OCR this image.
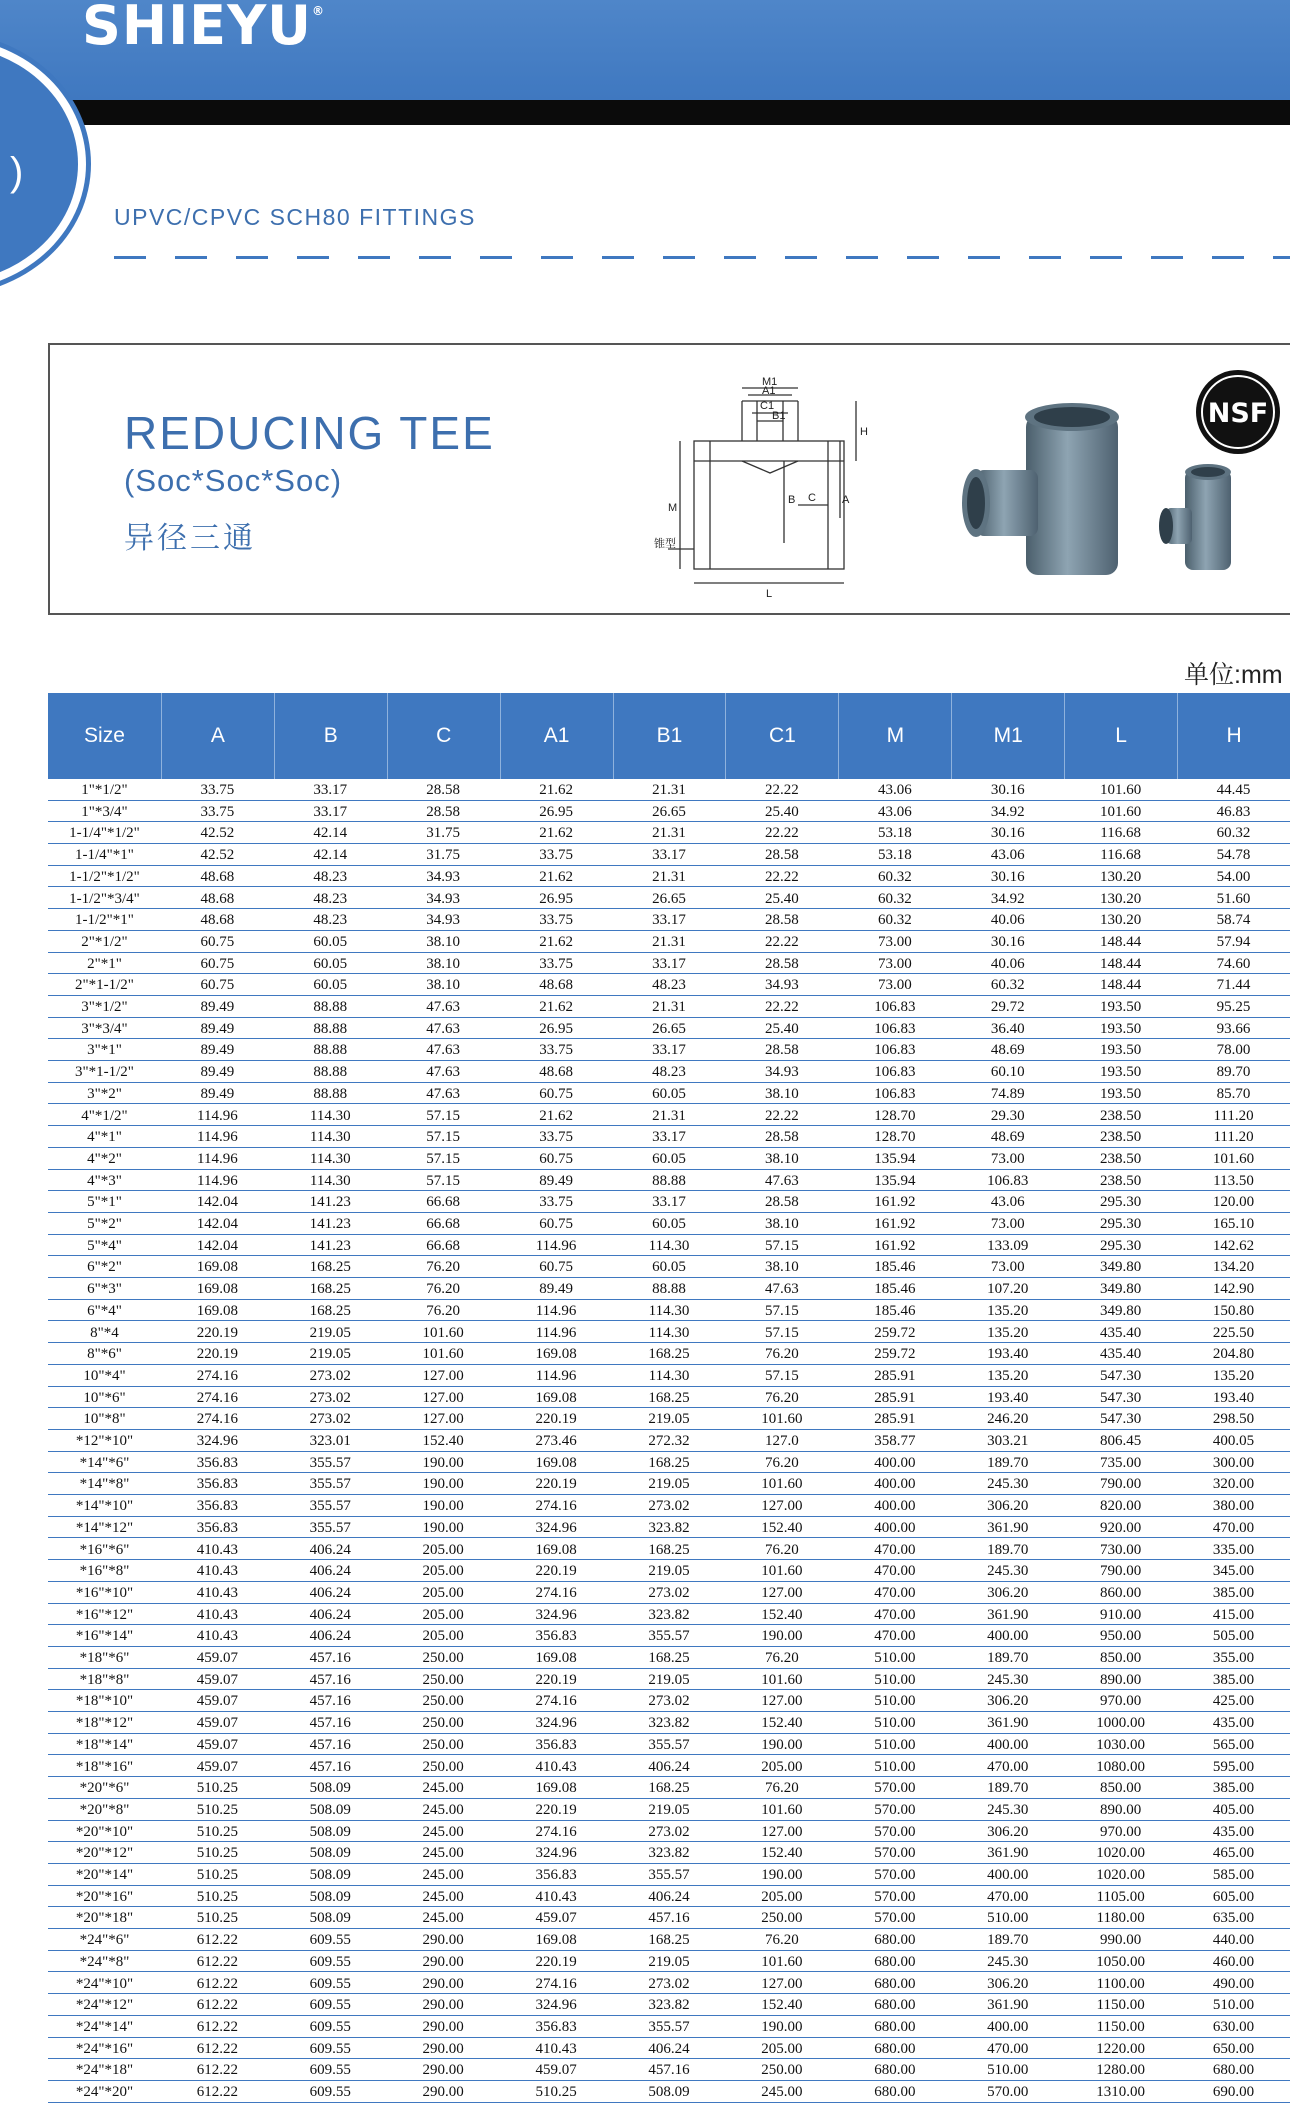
SHIEYU®
)
UPVC/CPVC SCH80 FITTINGS
REDUCING TEE
(Soc*Soc*Soc)
异径三通
M1
A1
C1
B1
H
M
B	A
C
锥型
L
NSF
单位:mm
Size	A	B	C	A1	B1	C1	M	M1	L	H
1"*1/2"	33.75	33.17	28.58	21.62	21.31	22.22	43.06	30.16	101.60	44.45
1"*3/4"	33.75	33.17	28.58	26.95	26.65	25.40	43.06	34.92	101.60	46.83
1-1/4"*1/2"	42.52	42.14	31.75	21.62	21.31	22.22	53.18	30.16	116.68	60.32
1-1/4"*1"	42.52	42.14	31.75	33.75	33.17	28.58	53.18	43.06	116.68	54.78
1-1/2"*1/2"	48.68	48.23	34.93	21.62	21.31	22.22	60.32	30.16	130.20	54.00
1-1/2"*3/4"	48.68	48.23	34.93	26.95	26.65	25.40	60.32	34.92	130.20	51.60
1-1/2"*1"	48.68	48.23	34.93	33.75	33.17	28.58	60.32	40.06	130.20	58.74
2"*1/2"	60.75	60.05	38.10	21.62	21.31	22.22	73.00	30.16	148.44	57.94
2"*1"	60.75	60.05	38.10	33.75	33.17	28.58	73.00	40.06	148.44	74.60
2"*1-1/2"	60.75	60.05	38.10	48.68	48.23	34.93	73.00	60.32	148.44	71.44
3"*1/2"	89.49	88.88	47.63	21.62	21.31	22.22	106.83	29.72	193.50	95.25
3"*3/4"	89.49	88.88	47.63	26.95	26.65	25.40	106.83	36.40	193.50	93.66
3"*1"	89.49	88.88	47.63	33.75	33.17	28.58	106.83	48.69	193.50	78.00
3"*1-1/2"	89.49	88.88	47.63	48.68	48.23	34.93	106.83	60.10	193.50	89.70
3"*2"	89.49	88.88	47.63	60.75	60.05	38.10	106.83	74.89	193.50	85.70
4"*1/2"	114.96	114.30	57.15	21.62	21.31	22.22	128.70	29.30	238.50	111.20
4"*1"	114.96	114.30	57.15	33.75	33.17	28.58	128.70	48.69	238.50	111.20
4"*2"	114.96	114.30	57.15	60.75	60.05	38.10	135.94	73.00	238.50	101.60
4"*3"	114.96	114.30	57.15	89.49	88.88	47.63	135.94	106.83	238.50	113.50
5"*1"	142.04	141.23	66.68	33.75	33.17	28.58	161.92	43.06	295.30	120.00
5"*2"	142.04	141.23	66.68	60.75	60.05	38.10	161.92	73.00	295.30	165.10
5"*4"	142.04	141.23	66.68	114.96	114.30	57.15	161.92	133.09	295.30	142.62
6"*2"	169.08	168.25	76.20	60.75	60.05	38.10	185.46	73.00	349.80	134.20
6"*3"	169.08	168.25	76.20	89.49	88.88	47.63	185.46	107.20	349.80	142.90
6"*4"	169.08	168.25	76.20	114.96	114.30	57.15	185.46	135.20	349.80	150.80
8"*4	220.19	219.05	101.60	114.96	114.30	57.15	259.72	135.20	435.40	225.50
8"*6"	220.19	219.05	101.60	169.08	168.25	76.20	259.72	193.40	435.40	204.80
10"*4"	274.16	273.02	127.00	114.96	114.30	57.15	285.91	135.20	547.30	135.20
10"*6"	274.16	273.02	127.00	169.08	168.25	76.20	285.91	193.40	547.30	193.40
10"*8"	274.16	273.02	127.00	220.19	219.05	101.60	285.91	246.20	547.30	298.50
*12"*10"	324.96	323.01	152.40	273.46	272.32	127.0	358.77	303.21	806.45	400.05
*14"*6"	356.83	355.57	190.00	169.08	168.25	76.20	400.00	189.70	735.00	300.00
*14"*8"	356.83	355.57	190.00	220.19	219.05	101.60	400.00	245.30	790.00	320.00
*14"*10"	356.83	355.57	190.00	274.16	273.02	127.00	400.00	306.20	820.00	380.00
*14"*12"	356.83	355.57	190.00	324.96	323.82	152.40	400.00	361.90	920.00	470.00
*16"*6"	410.43	406.24	205.00	169.08	168.25	76.20	470.00	189.70	730.00	335.00
*16"*8"	410.43	406.24	205.00	220.19	219.05	101.60	470.00	245.30	790.00	345.00
*16"*10"	410.43	406.24	205.00	274.16	273.02	127.00	470.00	306.20	860.00	385.00
*16"*12"	410.43	406.24	205.00	324.96	323.82	152.40	470.00	361.90	910.00	415.00
*16"*14"	410.43	406.24	205.00	356.83	355.57	190.00	470.00	400.00	950.00	505.00
*18"*6"	459.07	457.16	250.00	169.08	168.25	76.20	510.00	189.70	850.00	355.00
*18"*8"	459.07	457.16	250.00	220.19	219.05	101.60	510.00	245.30	890.00	385.00
*18"*10"	459.07	457.16	250.00	274.16	273.02	127.00	510.00	306.20	970.00	425.00
*18"*12"	459.07	457.16	250.00	324.96	323.82	152.40	510.00	361.90	1000.00	435.00
*18"*14"	459.07	457.16	250.00	356.83	355.57	190.00	510.00	400.00	1030.00	565.00
*18"*16"	459.07	457.16	250.00	410.43	406.24	205.00	510.00	470.00	1080.00	595.00
*20"*6"	510.25	508.09	245.00	169.08	168.25	76.20	570.00	189.70	850.00	385.00
*20"*8"	510.25	508.09	245.00	220.19	219.05	101.60	570.00	245.30	890.00	405.00
*20"*10"	510.25	508.09	245.00	274.16	273.02	127.00	570.00	306.20	970.00	435.00
*20"*12"	510.25	508.09	245.00	324.96	323.82	152.40	570.00	361.90	1020.00	465.00
*20"*14"	510.25	508.09	245.00	356.83	355.57	190.00	570.00	400.00	1020.00	585.00
*20"*16"	510.25	508.09	245.00	410.43	406.24	205.00	570.00	470.00	1105.00	605.00
*20"*18"	510.25	508.09	245.00	459.07	457.16	250.00	570.00	510.00	1180.00	635.00
*24"*6"	612.22	609.55	290.00	169.08	168.25	76.20	680.00	189.70	990.00	440.00
*24"*8"	612.22	609.55	290.00	220.19	219.05	101.60	680.00	245.30	1050.00	460.00
*24"*10"	612.22	609.55	290.00	274.16	273.02	127.00	680.00	306.20	1100.00	490.00
*24"*12"	612.22	609.55	290.00	324.96	323.82	152.40	680.00	361.90	1150.00	510.00
*24"*14"	612.22	609.55	290.00	356.83	355.57	190.00	680.00	400.00	1150.00	630.00
*24"*16"	612.22	609.55	290.00	410.43	406.24	205.00	680.00	470.00	1220.00	650.00
*24"*18"	612.22	609.55	290.00	459.07	457.16	250.00	680.00	510.00	1280.00	680.00
*24"*20"	612.22	609.55	290.00	510.25	508.09	245.00	680.00	570.00	1310.00	690.00
